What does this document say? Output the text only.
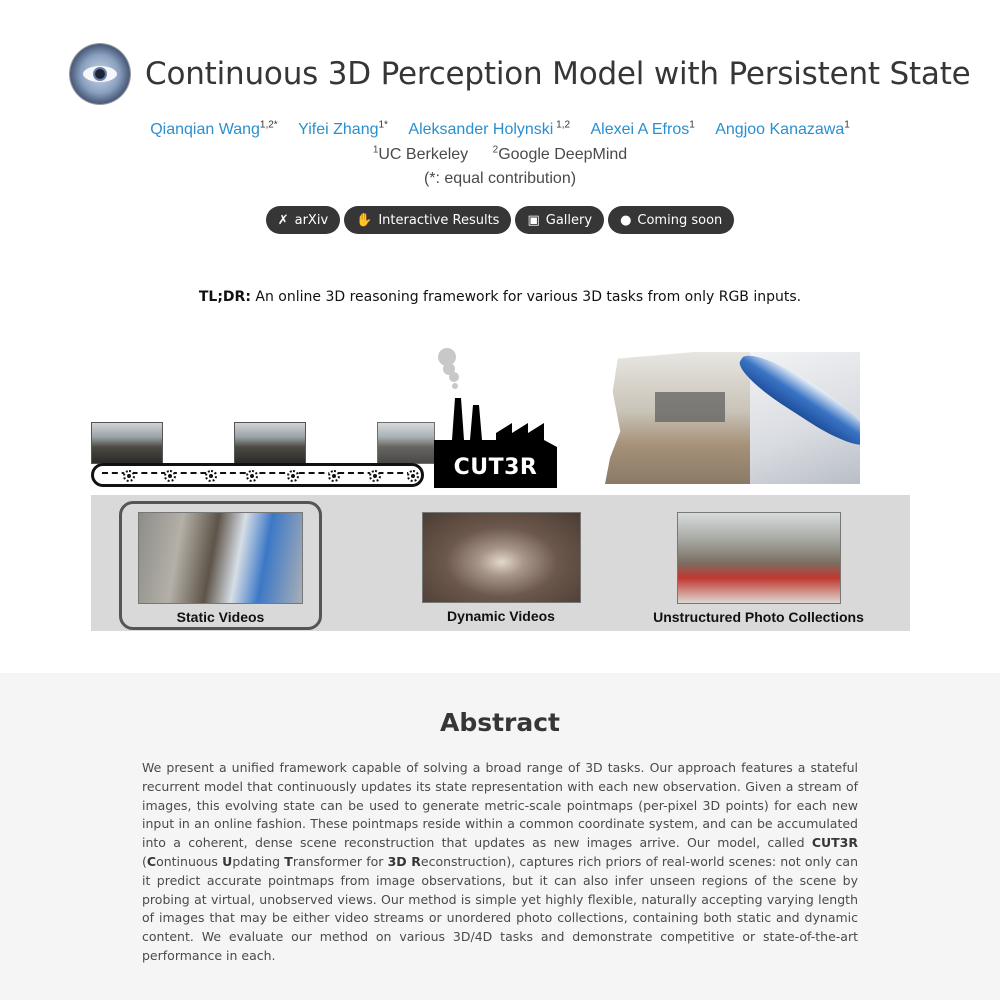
Continuous 3D Perception Model with Persistent State
Qianqian Wang$^{1,2*}$ Yifei Zhang$^{1*}$ Aleksander Holynski $^{1,2}$ Alexei A Efros$^1$ Angjoo Kanazawa$^1$
$^1$UC Berkeley $^2$Google DeepMind
(*: equal contribution)
✗ arXiv ✋ Interactive Results ▣ Gallery ● Coming soon
TL;DR: An online 3D reasoning framework for various 3D tasks from only RGB inputs.
CUT3R
Static Videos	Dynamic Videos	Unstructured Photo Collections
Abstract
We present a unified framework capable of solving a broad range of 3D tasks. Our approach features a stateful recurrent model that continuously updates its state representation with each new observation. Given a stream of images, this evolving state can be used to generate metric-scale pointmaps (per-pixel 3D points) for each new input in an online fashion. These pointmaps reside within a common coordinate system, and can be accumulated into a coherent, dense scene reconstruction that updates as new images arrive. Our model, called CUT3R (Continuous Updating Transformer for 3D Reconstruction), captures rich priors of real-world scenes: not only can it predict accurate pointmaps from image observations, but it can also infer unseen regions of the scene by probing at virtual, unobserved views. Our method is simple yet highly flexible, naturally accepting varying length of images that may be either video streams or unordered photo collections, containing both static and dynamic content. We evaluate our method on various 3D/4D tasks and demonstrate competitive or state-of-the-art performance in each.
